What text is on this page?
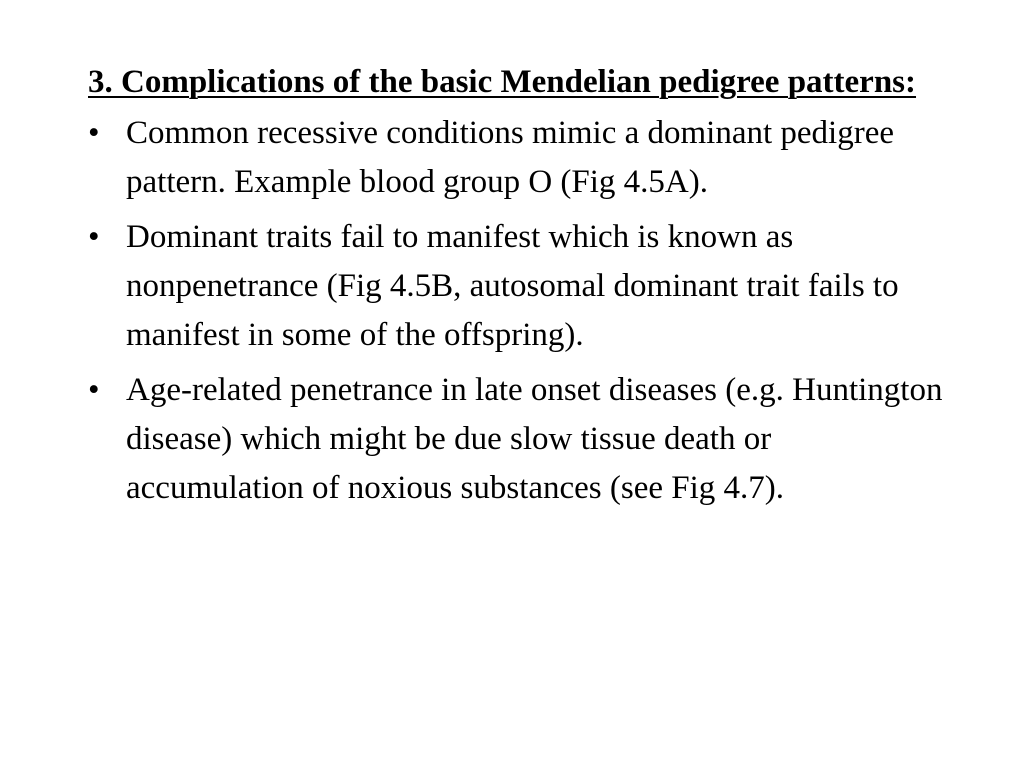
3. Complications of the basic Mendelian pedigree patterns:
• Common recessive conditions mimic a dominant pedigree pattern. Example blood group O (Fig 4.5A).
• Dominant traits fail to manifest which is known as nonpenetrance (Fig 4.5B, autosomal dominant trait fails to manifest in some of the offspring).
• Age-related penetrance in late onset diseases (e.g. Huntington disease) which might be due slow tissue death or accumulation of noxious substances (see Fig 4.7).
